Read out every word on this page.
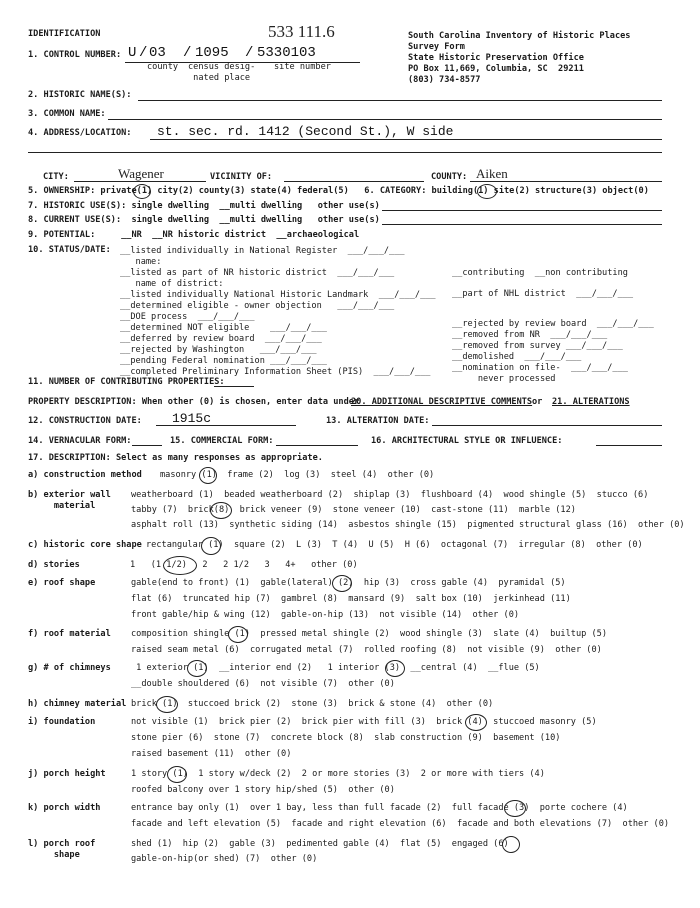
IDENTIFICATION	533 111.6	South Carolina Inventory of Historic Places
Survey Form
State Historic Preservation Office
PO Box 11,669, Columbia, SC  29211
(803) 734-8577
1. CONTROL NUMBER: U / 03 / 1095 / 5330103
county census desig-
nated place
site number
2. HISTORIC NAME(S):
3. COMMON NAME:
4. ADDRESS/LOCATION: st. sec. rd. 1412 (Second St.), W side
CITY:	Wagener	VICINITY OF:	COUNTY: Aiken
5. OWNERSHIP: private(1) city(2) county(3) state(4) federal(5)   6. CATEGORY: building(1) site(2) structure(3) object(0)
7. HISTORIC USE(S): single dwelling  __multi dwelling   other use(s)
8. CURRENT USE(S):  single dwelling  __multi dwelling   other use(s)
9. POTENTIAL:     __NR  __NR historic district  __archaeological
10. STATUS/DATE: __listed individually in National Register  ___/___/___
name:
__listed as part of NR historic district  ___/___/___
name of district:
__listed individually National Historic Landmark  ___/___/___
__determined eligible - owner objection   ___/___/___
__DOE process  ___/___/___
__determined NOT eligible    ___/___/___
__deferred by review board  ___/___/___
__rejected by Washington   ___/___/___
__pending Federal nomination ___/___/___
__completed Preliminary Information Sheet (PIS)  ___/___/___
__contributing  __non contributing
__part of NHL district  ___/___/___
__rejected by review board  ___/___/___
__removed from NR  ___/___/___
__removed from survey ___/___/___
__demolished  ___/___/___
__nomination on file-  ___/___/___
never processed
11. NUMBER OF CONTRIBUTING PROPERTIES:
PROPERTY DESCRIPTION: When other (0) is chosen, enter data under
20. ADDITIONAL DESCRIPTIVE COMMENTS or 21. ALTERATIONS
12. CONSTRUCTION DATE: 1915c	13. ALTERATION DATE:
14. VERNACULAR FORM:	15. COMMERCIAL FORM:	16. ARCHITECTURAL STYLE OR INFLUENCE:
17. DESCRIPTION: Select as many responses as appropriate.
a) construction method masonry (1)  frame (2)  log (3)  steel (4)  other (0)
b) exterior wall
material
weatherboard (1)  beaded weatherboard (2)  shiplap (3)  flushboard (4)  wood shingle (5)  stucco (6)
tabby (7)  brick(8)  brick veneer (9)  stone veneer (10)  cast-stone (11)  marble (12)
asphalt roll (13)  synthetic siding (14)  asbestos shingle (15)  pigmented structural glass (16)  other (0)
c) historic core shape rectangular (1)  square (2)  L (3)  T (4)  U (5)  H (6)  octagonal (7)  irregular (8)  other (0)
d) stories	1   (1 1/2)   2   2 1/2   3   4+   other (0)
e) roof shape	gable(end to front) (1)  gable(lateral) (2)  hip (3)  cross gable (4)  pyramidal (5)
flat (6)  truncated hip (7)  gambrel (8)  mansard (9)  salt box (10)  jerkinhead (11)
front gable/hip & wing (12)  gable-on-hip (13)  not visible (14)  other (0)
f) roof material composition shingle (1)  pressed metal shingle (2)  wood shingle (3)  slate (4)  builtup (5)
raised seam metal (6)  corrugated metal (7)  rolled roofing (8)  not visible (9)  other (0)
g) # of chimneys 1 exterior (1)  __interior end (2)   1 interior (3)  __central (4)  __flue (5)
__double shouldered (6)  not visible (7)  other (0)
h) chimney material brick (1)  stuccoed brick (2)  stone (3)  brick & stone (4)  other (0)
i) foundation	not visible (1)  brick pier (2)  brick pier with fill (3)  brick (4)  stuccoed masonry (5)
stone pier (6)  stone (7)  concrete block (8)  slab construction (9)  basement (10)
raised basement (11)  other (0)
j) porch height	1 story (1)  1 story w/deck (2)  2 or more stories (3)  2 or more with tiers (4)
roofed balcony over 1 story hip/shed (5)  other (0)
k) porch width	entrance bay only (1)  over 1 bay, less than full facade (2)  full facade (3)  porte cochere (4)
facade and left elevation (5)  facade and right elevation (6)  facade and both elevations (7)  other (0)
l) porch roof
shape
shed (1)  hip (2)  gable (3)  pedimented gable (4)  flat (5)  engaged (6)
gable-on-hip(or shed) (7)  other (0)
